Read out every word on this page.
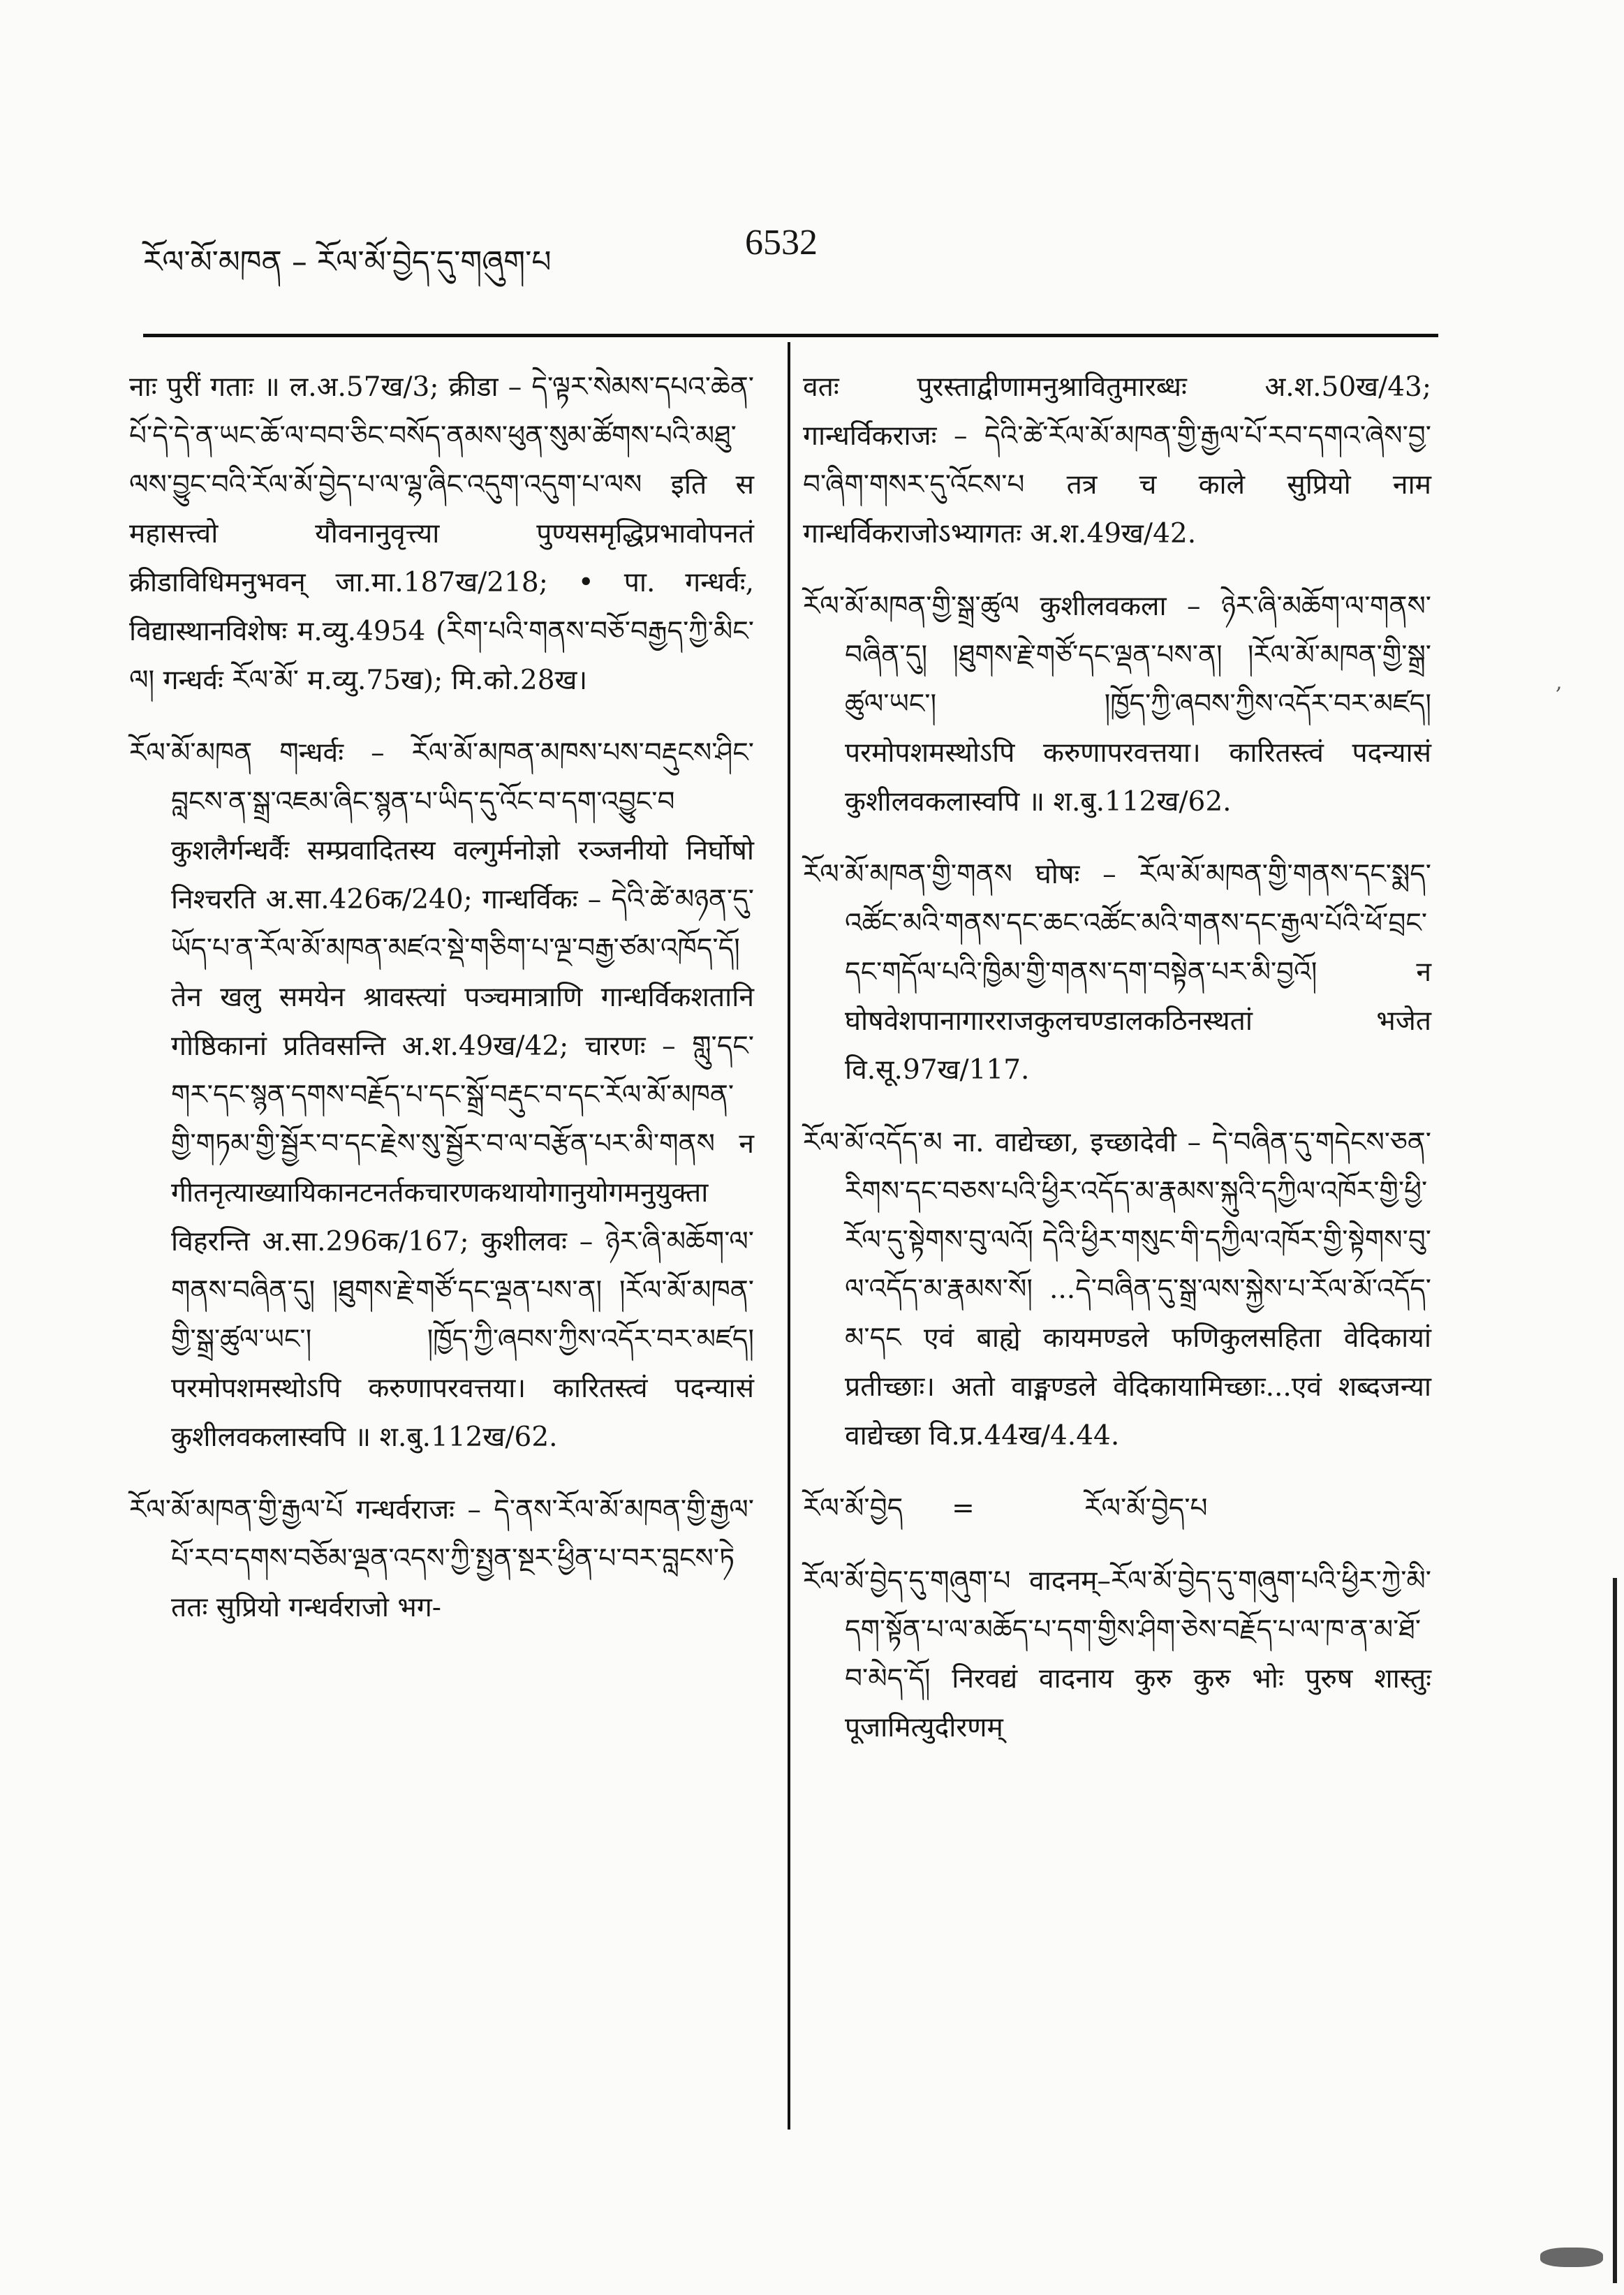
ཪོལ་མོ་མཁན – ཪོལ་མོ་བྱེད་དུ་གཞུག་པ	6532

नाः पुरीं गताः ॥ ल.अ.57ख/3; क्रीडा – དེ་ལྟར་སེམས་དཔའ་ཆེན་པོ་དེ་དེ་ན་ཡང་ཆོ་ལ་བབ་ཅིང་བསོད་ནམས་ཕུན་སུམ་ཚོགས་པའི་མཐུ་ལས་བྱུང་བའི་རོལ་མོ་བྱེད་པ་ལ་ལྷ་ཞིང་འདུག་འདུག་པ་ལས इति स महासत्त्वो यौवनानुवृत्त्या पुण्यसमृद्धिप्रभावोपनतं क्रीडाविधिमनुभवन् जा.मा.187ख/218; • पा. गन्धर्वः, विद्यास्थानविशेषः म.व्यु.4954 (རིག་པའི་གནས་བཅོ་བརྒྱད་ཀྱི་མིང་ལ། गन्धर्वः རོལ་མོ་ म.व्यु.75ख); मि.को.28ख।

ཪོལ་མོ་མཁན གन्धर्वः – རོལ་མོ་མཁན་མཁས་པས་བརྡུངས་ཤིང་བླངས་ན་སྒྲ་འཇམ་ཞིང་སྙན་པ་ཡིད་དུ་འོང་བ་དག་འབྱུང་བ कुशलैर्गन्धर्वैः सम्प्रवादितस्य वल्गुर्मनोज्ञो रञ्जनीयो निर्घोषो निश्चरति अ.सा.426क/240; गान्धर्विकः – དེའི་ཚེ་མཉན་དུ་ཡོད་པ་ན་རོལ་མོ་མཁན་མཛའ་སྡེ་གཅིག་པ་ལྔ་བརྒྱ་ཙམ་འཁོད་དོ། तेन खलु समयेन श्रावस्त्यां पञ्चमात्राणि गान्धर्विकशतानि गोष्ठिकानां प्रतिवसन्ति अ.श.49ख/42; चारणः – གླུ་དང་གར་དང་སྙན་དགས་བརྗོད་པ་དང་སྒྲོ་བརྡུང་བ་དང་རོལ་མོ་མཁན་གྱི་གཏམ་གྱི་སྦྱོར་བ་དང་རྗེས་སུ་སྦྱོར་བ་ལ་བརྩོན་པར་མི་གནས न गीतनृत्याख्यायिकानटनर्तकचारणकथायोगानुयोगमनुयुक्ता विहरन्ति अ.सा.296क/167; कुशीलवः – ཉེར་ཞི་མཆོག་ལ་གནས་བཞིན་དུ། །ཐུགས་རྗེ་གཙོ་དང་ལྡན་པས་ན། །རོལ་མོ་མཁན་གྱི་སྒྲ་ཚུལ་ཡང་། །ཁྱོད་ཀྱི་ཞབས་ཀྱིས་འདོར་བར་མཛད། परमोपशमस्थोऽपि करुणापरवत्तया। कारितस्त्वं पदन्यासं कुशीलवकलास्वपि ॥ श.बु.112ख/62.

ཪོལ་མོ་མཁན་གྱི་རྒྱལ་པོ गन्धर्वराजः – དེ་ནས་རོལ་མོ་མཁན་གྱི་རྒྱལ་པོ་རབ་དགས་བཅོམ་ལྡན་འདས་ཀྱི་སྤྱན་སྔར་ཕྱིན་པ་བར་བླངས་ཏེ ततः सुप्रियो गन्धर्वराजो भग-

वतः पुरस्ताद्वीणामनुश्रावितुमारब्धः अ.श.50ख/43; गान्धर्विकराजः – དེའི་ཚེ་རོལ་མོ་མཁན་གྱི་རྒྱལ་པོ་རབ་དགའ་ཞེས་བྱ་བ་ཞིག་གསར་དུ་འོངས་པ तत्र च काले सुप्रियो नाम गान्धर्विकराजोऽभ्यागतः अ.श.49ख/42.

ཪོལ་མོ་མཁན་གྱི་སྒྲ་ཚུལ कुशीलवकला – ཉེར་ཞི་མཆོག་ལ་གནས་བཞིན་དུ། །ཐུགས་རྗེ་གཙོ་དང་ལྡན་པས་ན། །རོལ་མོ་མཁན་གྱི་སྒྲ་ཚུལ་ཡང་། །ཁྱོད་ཀྱི་ཞབས་ཀྱིས་འདོར་བར་མཛད། परमोपशमस्थोऽपि करुणापरवत्तया। कारितस्त्वं पदन्यासं कुशीलवकलास्वपि ॥ श.बु.112ख/62.

ཪོལ་མོ་མཁན་གྱི་གནས घोषः – རོལ་མོ་མཁན་གྱི་གནས་དང་སྨད་འཚོང་མའི་གནས་དང་ཆང་འཚོང་མའི་གནས་དང་རྒྱལ་པོའི་ཕོ་བྲང་དང་གདོལ་པའི་ཁྱིམ་གྱི་གནས་དག་བསྟེན་པར་མི་བྱའོ། न घोषवेशपानागारराजकुलचण्डालकठिनस्थतां भजेत वि.सू.97ख/117.

ཪོལ་མོ་འདོད་མ ना. वाद्येच्छा, इच्छादेवी – དེ་བཞིན་དུ་གདེངས་ཅན་རིགས་དང་བཅས་པའི་ཕྱིར་འདོད་མ་རྣམས་སྐུའི་དཀྱིལ་འཁོར་གྱི་ཕྱི་རོལ་དུ་སྟེགས་བུ་ལའོ། དེའི་ཕྱིར་གསུང་གི་དཀྱིལ་འཁོར་གྱི་སྟེགས་བུ་ལ་འདོད་མ་རྣམས་སོ། ...དེ་བཞིན་དུ་སྒྲ་ལས་སྐྱེས་པ་རོལ་མོ་འདོད་མ་དང एवं बाह्ये कायमण्डले फणिकुलसहिता वेदिकायां प्रतीच्छाः। अतो वाङ्मण्डले वेदिकायामिच्छाः...एवं शब्दजन्या वाद्येच्छा वि.प्र.44ख/4.44.

ཪོལ་མོ་བྱེད =	ཪོལ་མོ་བྱེད་པ

ཪོལ་མོ་བྱེད་དུ་གཞུག་པ वादनम्–རོལ་མོ་བྱེད་དུ་གཞུག་པའི་ཕྱིར་ཀྱེ་མི་དག་སྟོན་པ་ལ་མཆོད་པ་དག་གྱིས་ཤིག་ཅེས་བརྗོད་པ་ལ་ཁ་ན་མ་ཐོ་བ་མེད་དོ། निरवद्यं वादनाय कुरु कुरु भोः पुरुष शास्तुः पूजामित्युदीरणम्

,
